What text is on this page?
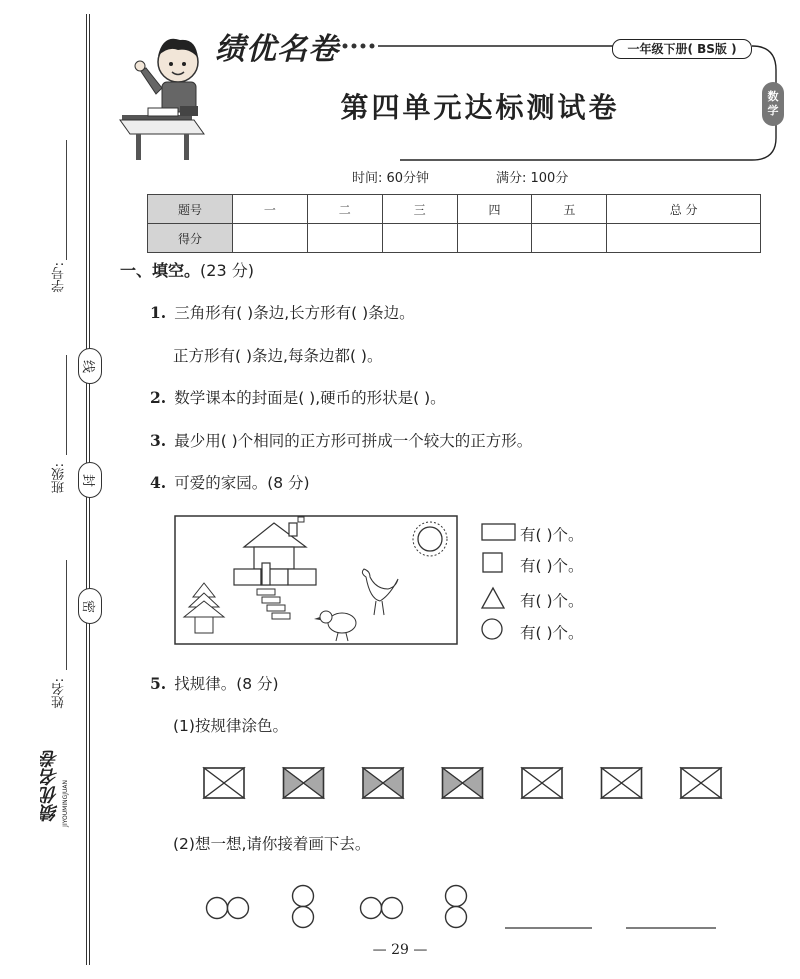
学号:
班级:
姓名:
线
封
密
绩优名卷 JIYOUMINGJUAN
绩优名卷	一年级下册( BS版 )
第四单元达标测试卷	数
学
时间: 60分钟	满分: 100分
题号	一	二	三	四	五	总 分
得分						
一、填空。(23 分)
1. 三角形有( )条边,长方形有( )条边。
正方形有( )条边,每条边都( )。
2. 数学课本的封面是( ),硬币的形状是( )。
3. 最少用( )个相同的正方形可拼成一个较大的正方形。
4. 可爱的家园。(8 分)
有( )个。
有( )个。
有( )个。
有( )个。
5. 找规律。(8 分)
(1)按规律涂色。
(2)想一想,请你接着画下去。
— 29 —
